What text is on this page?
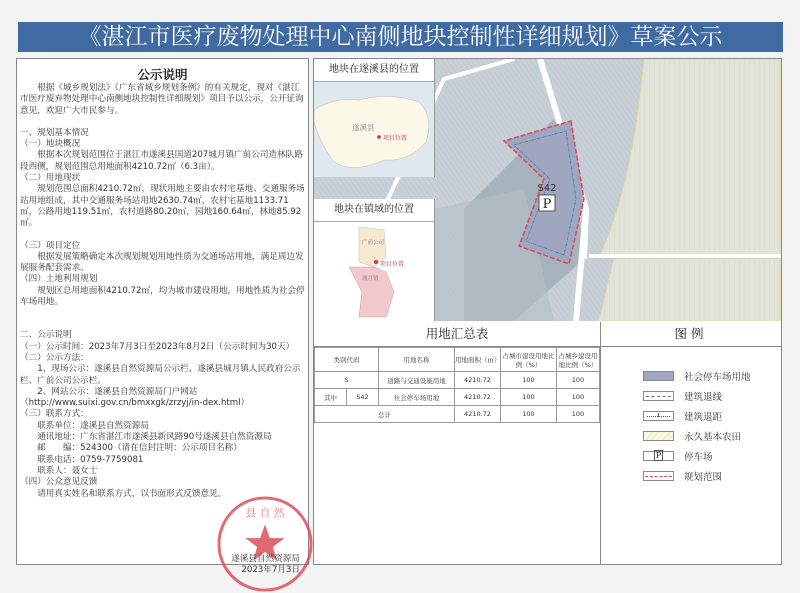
《湛江市医疗废物处理中心南侧地块控制性详细规划》草案公示
公示说明

根据《城乡规划法》《广东省城乡规划条例》的有关规定，现对《湛江市医疗废弃物处理中心南侧地块控制性详细规划》项目予以公示，公开征询意见，欢迎广大市民参与。

一、规划基本情况

（一）地块概况

根据本次规划范围位于湛江市遂溪县国道207城月镇广前公司造林队路段西侧，规划范围总用地面积4210.72㎡（6.3亩）。

（二）用地现状

规划范围总面积4210.72㎡，现状用地主要由农村宅基地、交通服务场站用地组成，其中交通服务场站用地2630.74㎡，农村宅基地1133.71㎡，公路用地119.51㎡，农村道路80.20㎡，园地160.64㎡，林地85.92㎡。

（三）项目定位

根据发展策略确定本次规划规划用地性质为交通场站用地，满足周边发展服务配套需求。

（四）土地利用规划

规划区总用地面积4210.72㎡，均为城市建设用地，用地性质为社会停车场用地。

二、公示说明

（一）公示时间：2023年7月3日至2023年8月2日（公示时间为30天）

（二）公示方法：

1、现场公示：遂溪县自然资源局公示栏、遂溪县城月镇人民政府公示栏、广前公司公示栏。

2、网站公示：遂溪县自然资源局门户网站

（http://www.suixi.gov.cn/bmxxgk/zrzyj/in-dex.html）

（三）联系方式：

联系单位：遂溪县自然资源局

通讯地址：广东省湛江市遂溪县新风路90号遂溪县自然资源局

邮　　编：524300（请在信封注明：公示项目名称）

联系电话：0759-7759081

联系人：聂女士

（四）公众意见反馈

请用真实姓名和联系方式，以书面形式反馈意见。

县 自 然
遂溪县自然资源局
2023年7月3日
S42
P
地块在遂溪县的位置
遂溪县
项目位置
地块在镇域的位置
广前公司
城月镇
项目位置
用地汇总表
类别代码		用地名称	用地面积（㎡）	占城市建设用地比例（%）	占城乡建设用地比例（%）
S		道路与交通设施用地	4210.72	100	100
其中	S42	社会停车场用地	4210.72	100	100
总计			4210.72	100	100
图例
社会停车场用地
建筑退线
建筑退距
永久基本农田
P	停车场
规划范围
